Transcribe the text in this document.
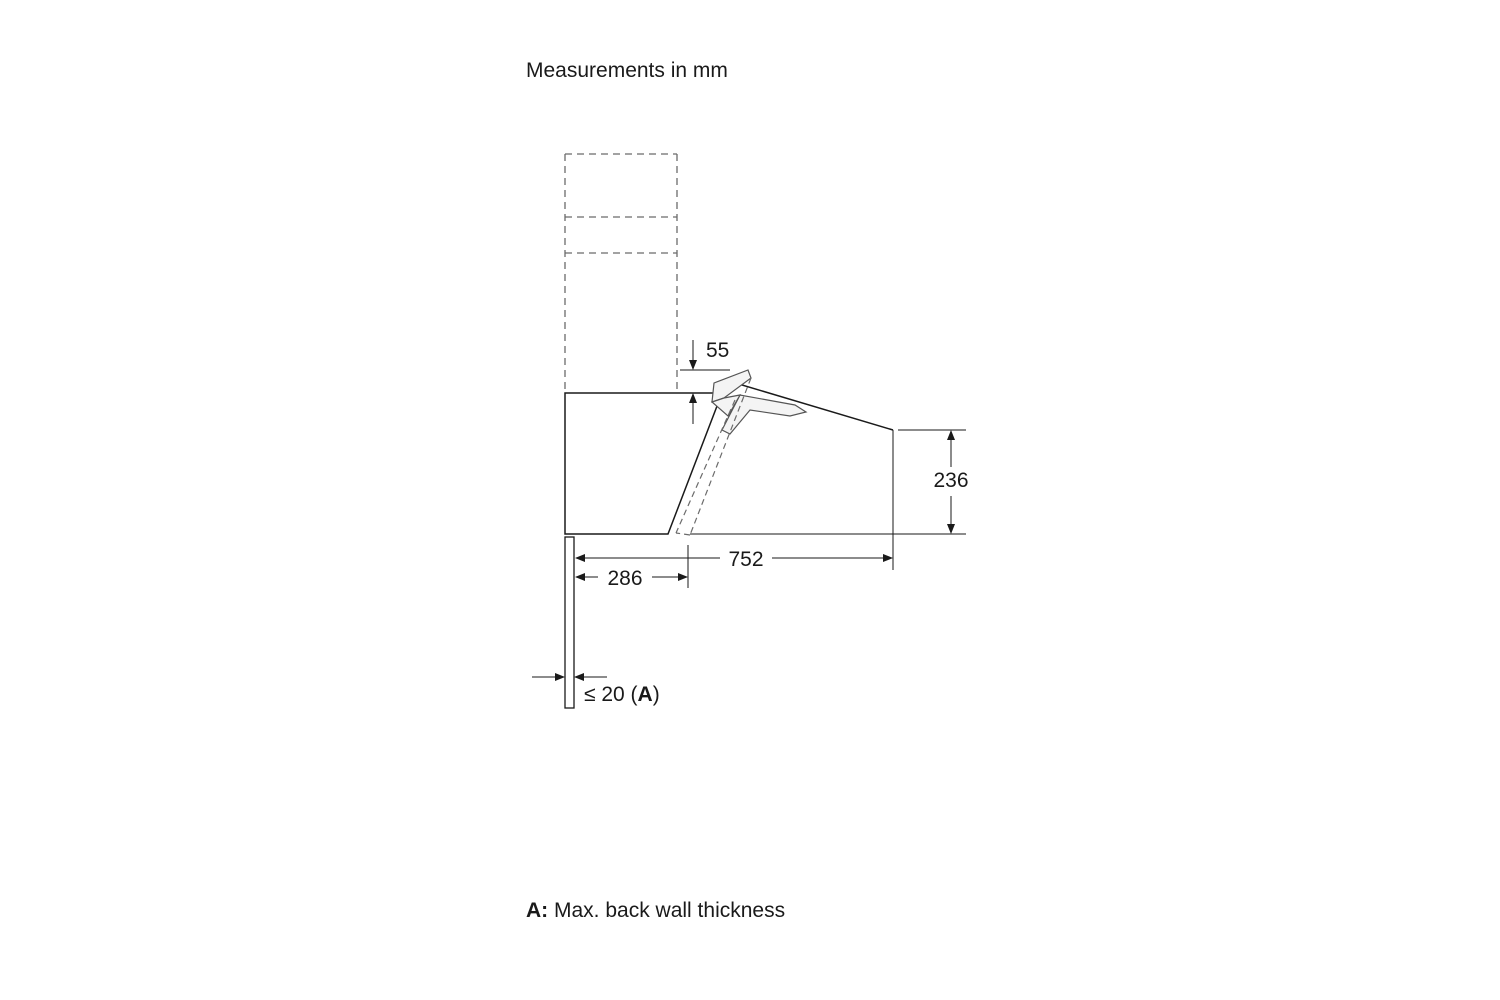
Measurements in mm
55
236
752
286
≤ 20 (A)
A: Max. back wall thickness
